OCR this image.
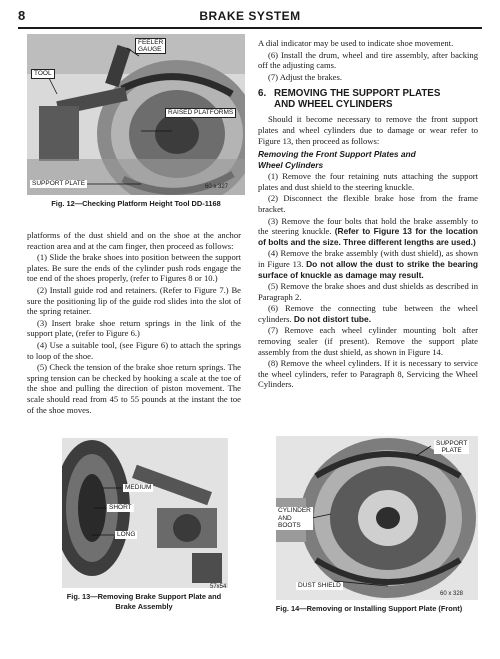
8	BRAKE SYSTEM
FEELER
GAUGE
TOOL
RAISED PLATFORMS
SUPPORT PLATE	60 x 327
Fig. 12—Checking Platform Height Tool DD-1168

platforms of the dust shield and on the shoe at the anchor reaction area and at the cam finger, then proceed as follows:

(1) Slide the brake shoes into position between the support plates. Be sure the ends of the cylinder push rods engage the toe end of the shoes properly, (refer to Figures 8 or 10.)

(2) Install guide rod and retainers. (Refer to Figure 7.) Be sure the positioning lip of the guide rod slides into the slot of the spring retainer.

(3) Insert brake shoe return springs in the link of the support plate, (refer to Figure 6.)

(4) Use a suitable tool, (see Figure 6) to attach the springs to loop of the shoe.

(5) Check the tension of the brake shoe return springs. The spring tension can be checked by hooking a scale at the toe of the shoe and pulling the direction of piston movement. The scale should read from 45 to 55 pounds at the instant the toe of the shoe moves.

A dial indicator may be used to indicate shoe movement.

(6) Install the drum, wheel and tire assembly, after backing off the adjusting cams.

(7) Adjust the brakes.

6. REMOVING THE SUPPORT PLATES
AND WHEEL CYLINDERS

Should it become necessary to remove the front support plates and wheel cylinders due to damage or wear refer to Figure 13, then proceed as follows:

Removing the Front Support Plates and
Wheel Cylinders

(1) Remove the four retaining nuts attaching the support plates and dust shield to the steering knuckle.

(2) Disconnect the flexible brake hose from the frame bracket.

(3) Remove the four bolts that hold the brake assembly to the steering knuckle. (Refer to Figure 13 for the location of bolts and the size. Three different lengths are used.)

(4) Remove the brake assembly (with dust shield), as shown in Figure 13. Do not allow the dust to strike the bearing surface of knuckle as damage may result.

(5) Remove the brake shoes and dust shields as described in Paragraph 2.

(6) Remove the connecting tube between the wheel cylinders. Do not distort tube.

(7) Remove each wheel cylinder mounting bolt after removing sealer (if present). Remove the support plate assembly from the dust shield, as shown in Figure 14.

(8) Remove the wheel cylinders. If it is necessary to service the wheel cylinders, refer to Paragraph 8, Servicing the Wheel Cylinders.

MEDIUM
SHORT
LONG
57x54
Fig. 13—Removing Brake Support Plate and
Brake Assembly
SUPPORT
PLATE
CYLINDER
AND
BOOTS
DUST SHIELD
60 x 328
Fig. 14—Removing or Installing Support Plate (Front)
